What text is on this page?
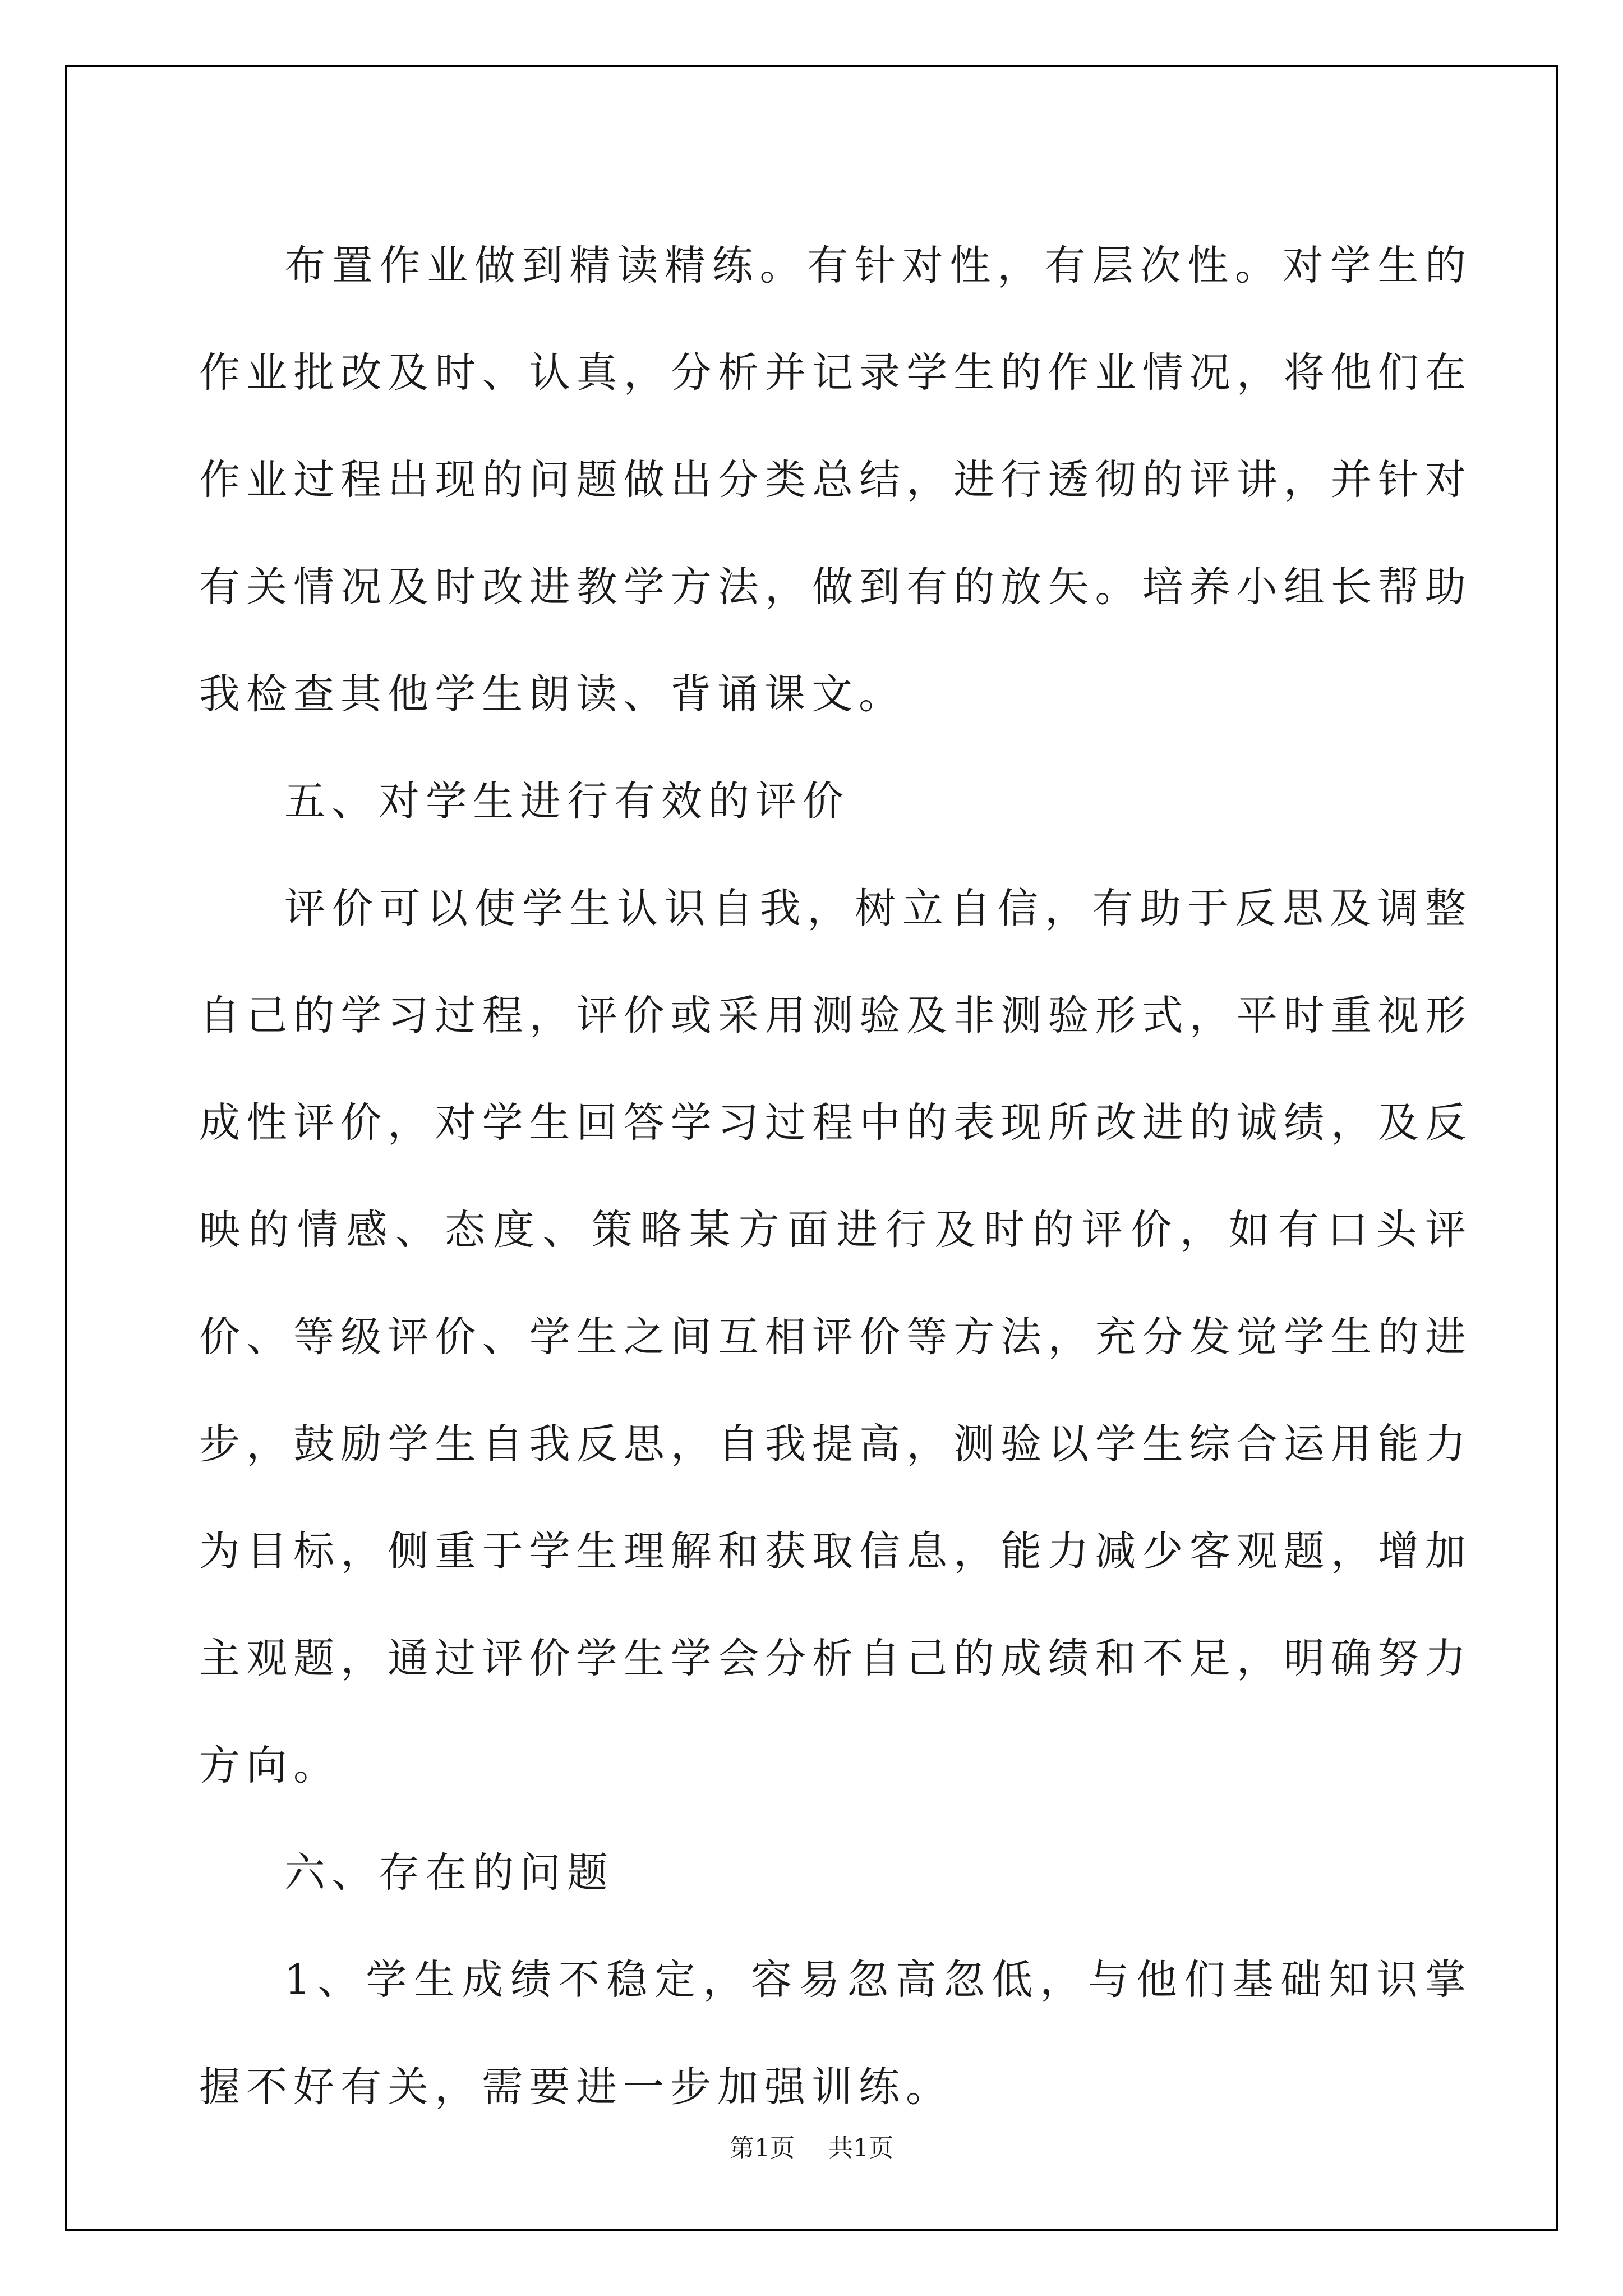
布置作业做到精读精练。有针对性，有层次性。对学生的作业批改及时、认真，分析并记录学生的作业情况，将他们在作业过程出现的问题做出分类总结，进行透彻的评讲，并针对有关情况及时改进教学方法，做到有的放矢。培养小组长帮助我检查其他学生朗读、背诵课文。

五、对学生进行有效的评价

评价可以使学生认识自我，树立自信，有助于反思及调整自己的学习过程，评价或采用测验及非测验形式，平时重视形成性评价，对学生回答学习过程中的表现所改进的诚绩，及反映的情感、态度、策略某方面进行及时的评价，如有口头评价、等级评价、学生之间互相评价等方法，充分发觉学生的进步，鼓励学生自我反思，自我提高，测验以学生综合运用能力为目标，侧重于学生理解和获取信息，能力减少客观题，增加主观题，通过评价学生学会分析自己的成绩和不足，明确努力方向。

六、存在的问题

1、学生成绩不稳定，容易忽高忽低，与他们基础知识掌握不好有关，需要进一步加强训练。

第1页 共1页
